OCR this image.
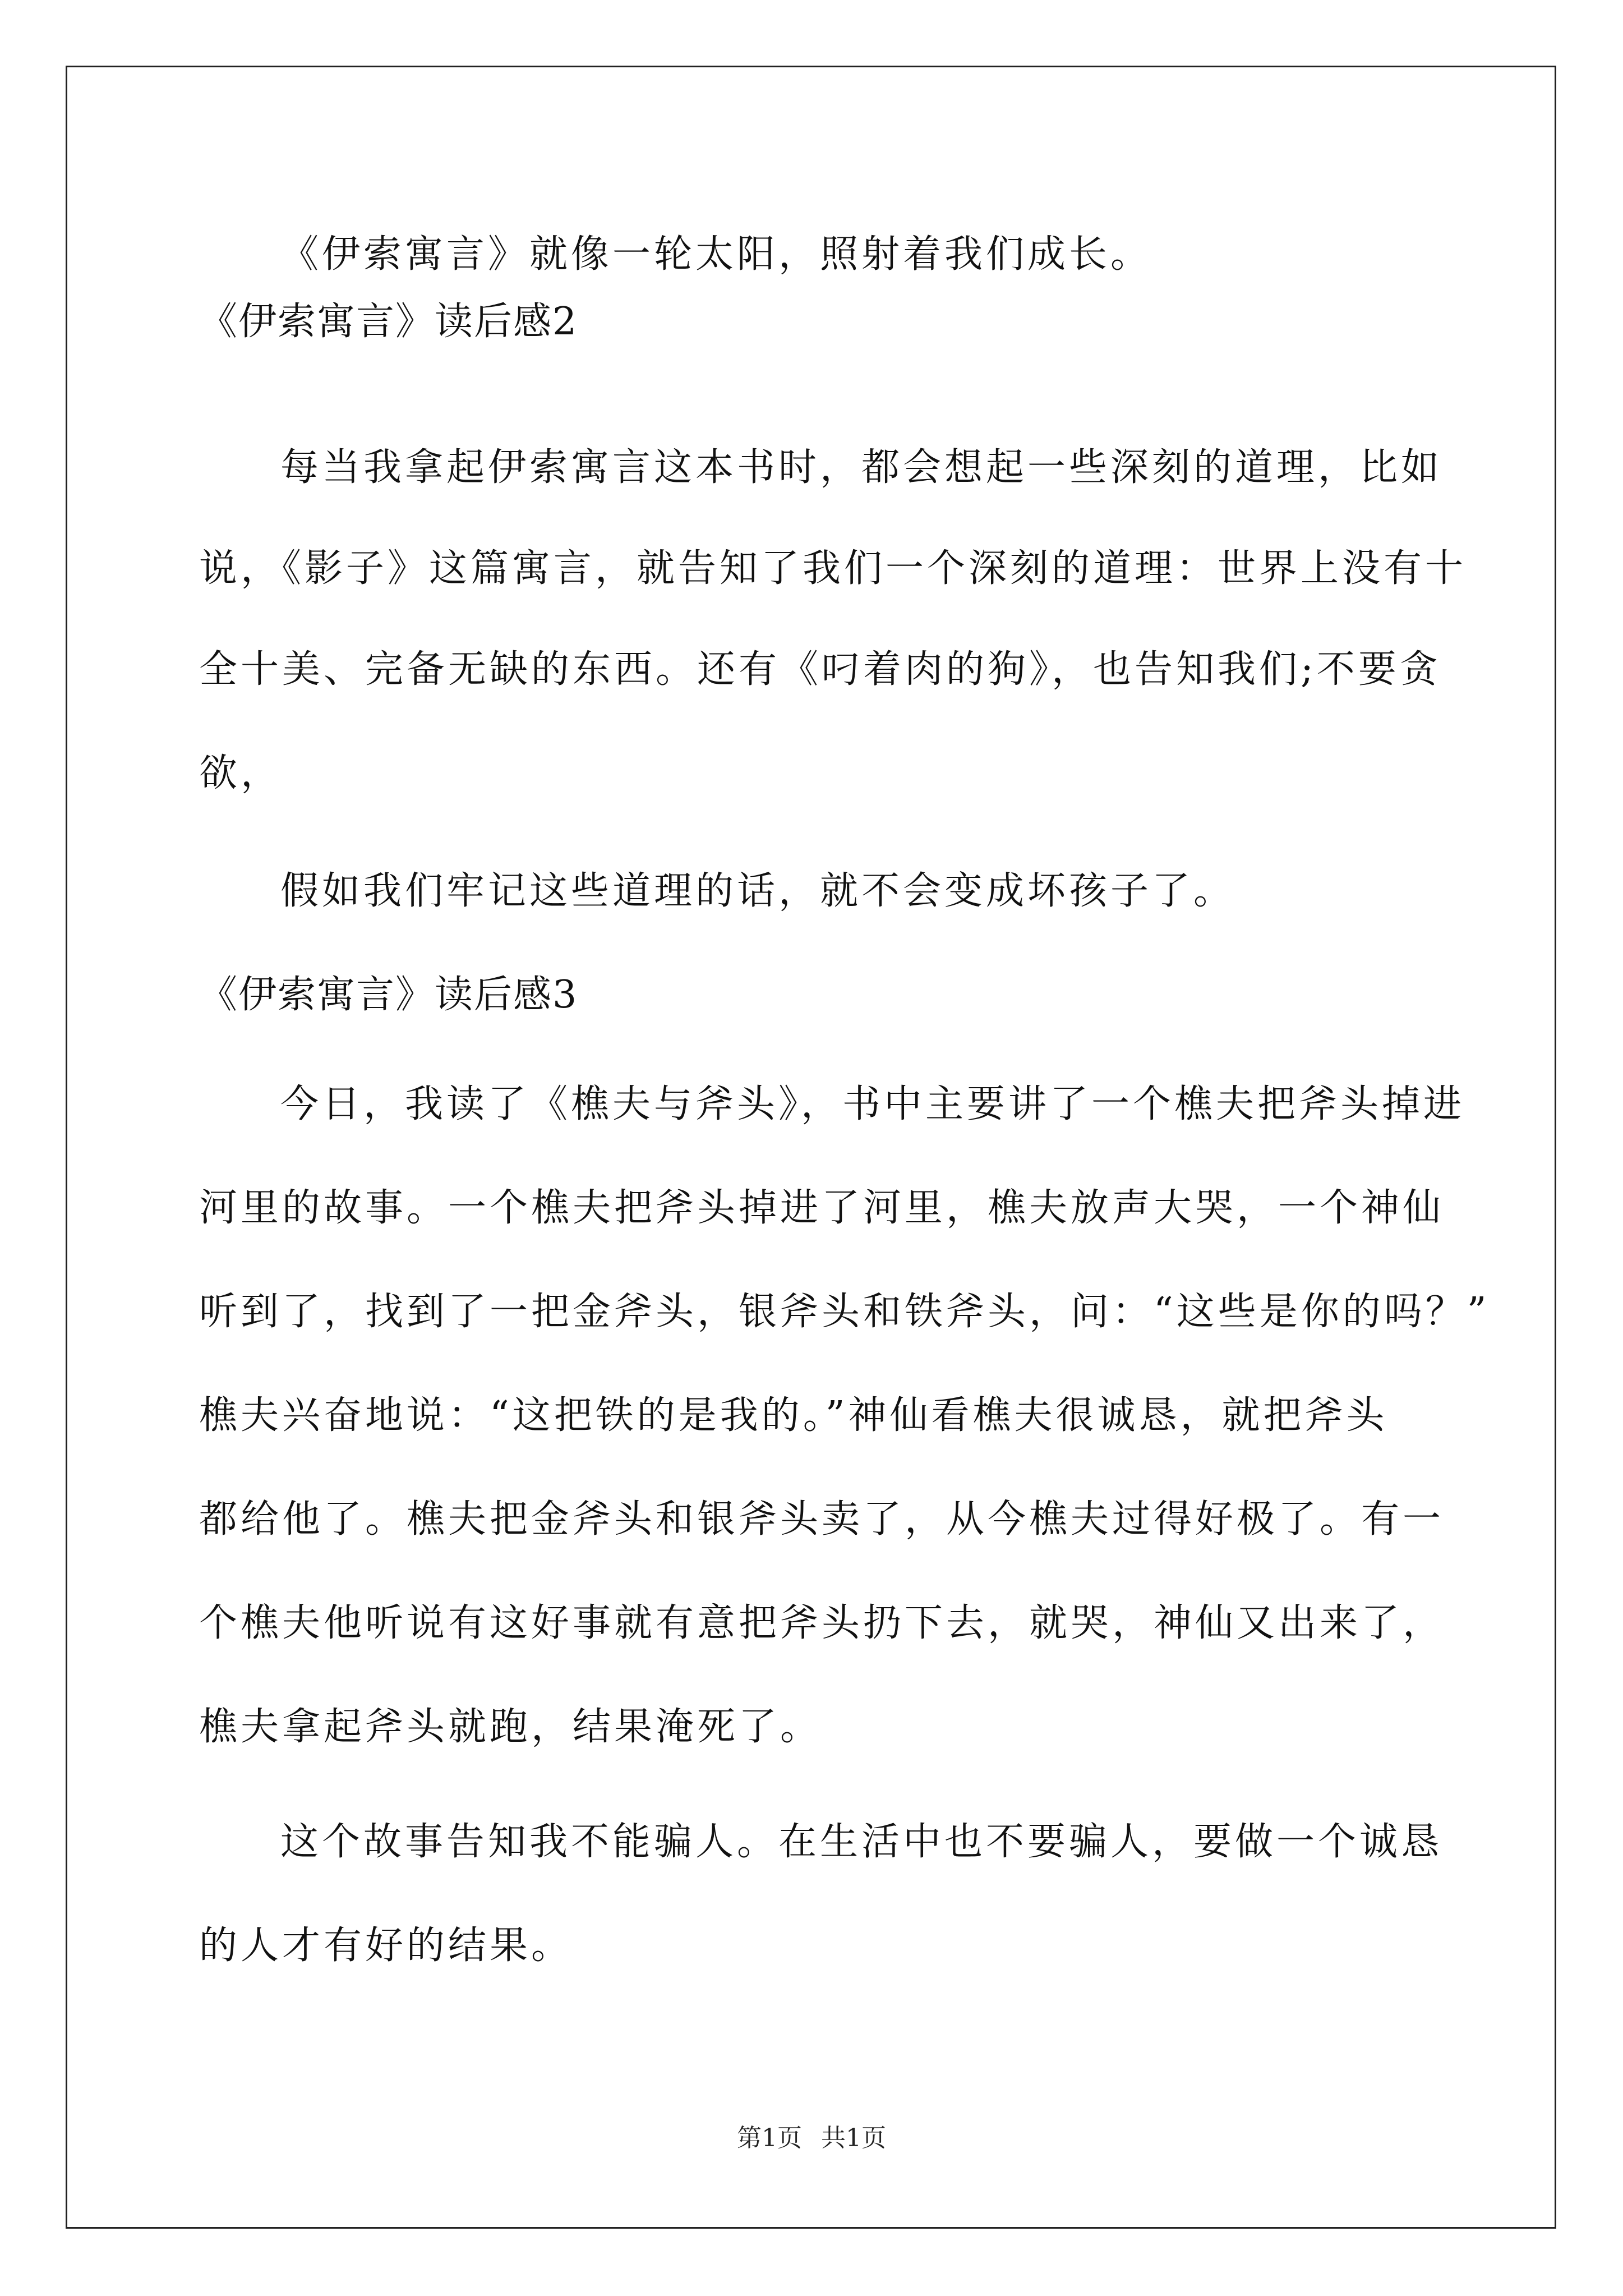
《伊索寓言》就像一轮太阳，照射着我们成长。
《伊索寓言》读后感2
每当我拿起伊索寓言这本书时，都会想起一些深刻的道理，比如
说，《影子》这篇寓言，就告知了我们一个深刻的道理：世界上没有十
全十美、完备无缺的东西。还有《叼着肉的狗》，也告知我们;不要贪
欲，
假如我们牢记这些道理的话，就不会变成坏孩子了。
《伊索寓言》读后感3
今日，我读了《樵夫与斧头》，书中主要讲了一个樵夫把斧头掉进
河里的故事。一个樵夫把斧头掉进了河里，樵夫放声大哭，一个神仙
听到了，找到了一把金斧头，银斧头和铁斧头，问：“这些是你的吗？”
樵夫兴奋地说：“这把铁的是我的。”神仙看樵夫很诚恳，就把斧头
都给他了。樵夫把金斧头和银斧头卖了，从今樵夫过得好极了。有一
个樵夫他听说有这好事就有意把斧头扔下去，就哭，神仙又出来了，
樵夫拿起斧头就跑，结果淹死了。
这个故事告知我不能骗人。在生活中也不要骗人，要做一个诚恳
的人才有好的结果。
第1页 共1页
